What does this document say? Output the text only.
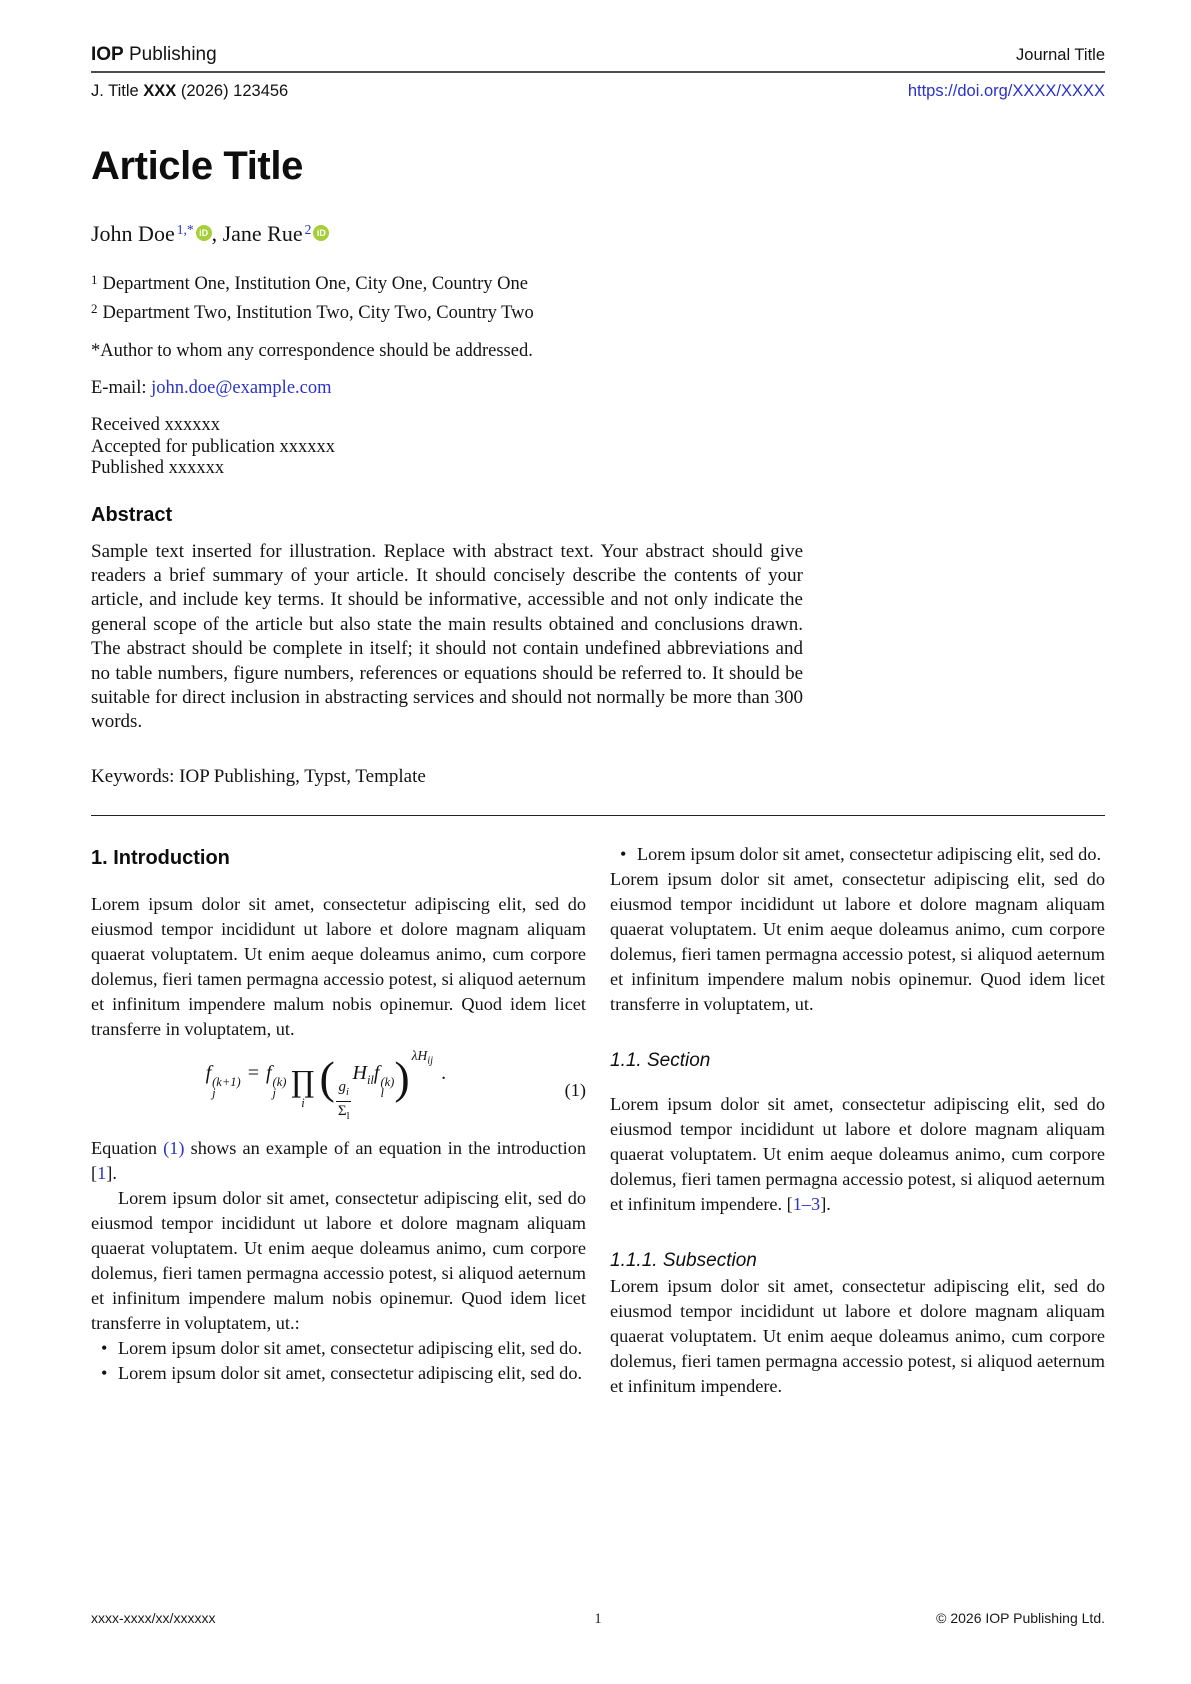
IOP Publishing	Journal Title
J. Title XXX (2026) 123456	https://doi.org/XXXX/XXXX
Article Title
John Doe $^{1,*}$ iD , Jane Rue $^2$ iD
$^1$ Department One, Institution One, City One, Country One
$^2$ Department Two, Institution Two, City Two, Country Two
*Author to whom any correspondence should be addressed.
E-mail: john.doe@example.com
Received xxxxxx
Accepted for publication xxxxxx
Published xxxxxx
Abstract

Sample text inserted for illustration. Replace with abstract text. Your abstract should give readers a brief summary of your article. It should concisely describe the contents of your article, and include key terms. It should be informative, accessible and not only indicate the general scope of the article but also state the main results obtained and conclusions drawn. The abstract should be complete in itself; it should not contain undefined abbreviations and no table numbers, figure numbers, references or equations should be referred to. It should be suitable for direct inclusion in abstracting services and should not normally be more than 300 words.

Keywords: IOP Publishing, Typst, Template
1. Introduction

Lorem ipsum dolor sit amet, consectetur adipiscing elit, sed do eiusmod tempor incididunt ut labore et dolore magnam aliquam quaerat voluptatem. Ut enim aeque doleamus animo, cum corpore dolemus, fieri tamen permagna accessio potest, si aliquod aeternum et infinitum impendere malum nobis opinemur. Quod idem licet transferre in voluptatem, ut.

f (k+1)
j
= f (k)
j ∏
i ( $\frac{g_i}{\Sigma_l}$
$H_{il}f$ (k)
l ) $\lambda H_{ij}$.
(1)

Equation (1) shows an example of an equation in the introduction [1].

Lorem ipsum dolor sit amet, consectetur adipiscing elit, sed do eiusmod tempor incididunt ut labore et dolore magnam aliquam quaerat voluptatem. Ut enim aeque doleamus animo, cum corpore dolemus, fieri tamen permagna accessio potest, si aliquod aeternum et infinitum impendere malum nobis opinemur. Quod idem licet transferre in voluptatem, ut.:

• Lorem ipsum dolor sit amet, consectetur adipiscing elit, sed do.
• Lorem ipsum dolor sit amet, consectetur adipiscing elit, sed do.
• Lorem ipsum dolor sit amet, consectetur adipiscing elit, sed do.

Lorem ipsum dolor sit amet, consectetur adipiscing elit, sed do eiusmod tempor incididunt ut labore et dolore magnam aliquam quaerat voluptatem. Ut enim aeque doleamus animo, cum corpore dolemus, fieri tamen permagna accessio potest, si aliquod aeternum et infinitum impendere malum nobis opinemur. Quod idem licet transferre in voluptatem, ut.

1.1. Section

Lorem ipsum dolor sit amet, consectetur adipiscing elit, sed do eiusmod tempor incididunt ut labore et dolore magnam aliquam quaerat voluptatem. Ut enim aeque doleamus animo, cum corpore dolemus, fieri tamen permagna accessio potest, si aliquod aeternum et infinitum impendere. [1–3].

1.1.1. Subsection

Lorem ipsum dolor sit amet, consectetur adipiscing elit, sed do eiusmod tempor incididunt ut labore et dolore magnam aliquam quaerat voluptatem. Ut enim aeque doleamus animo, cum corpore dolemus, fieri tamen permagna accessio potest, si aliquod aeternum et infinitum impendere.

xxxx-xxxx/xx/xxxxxx	1	© 2026 IOP Publishing Ltd.
